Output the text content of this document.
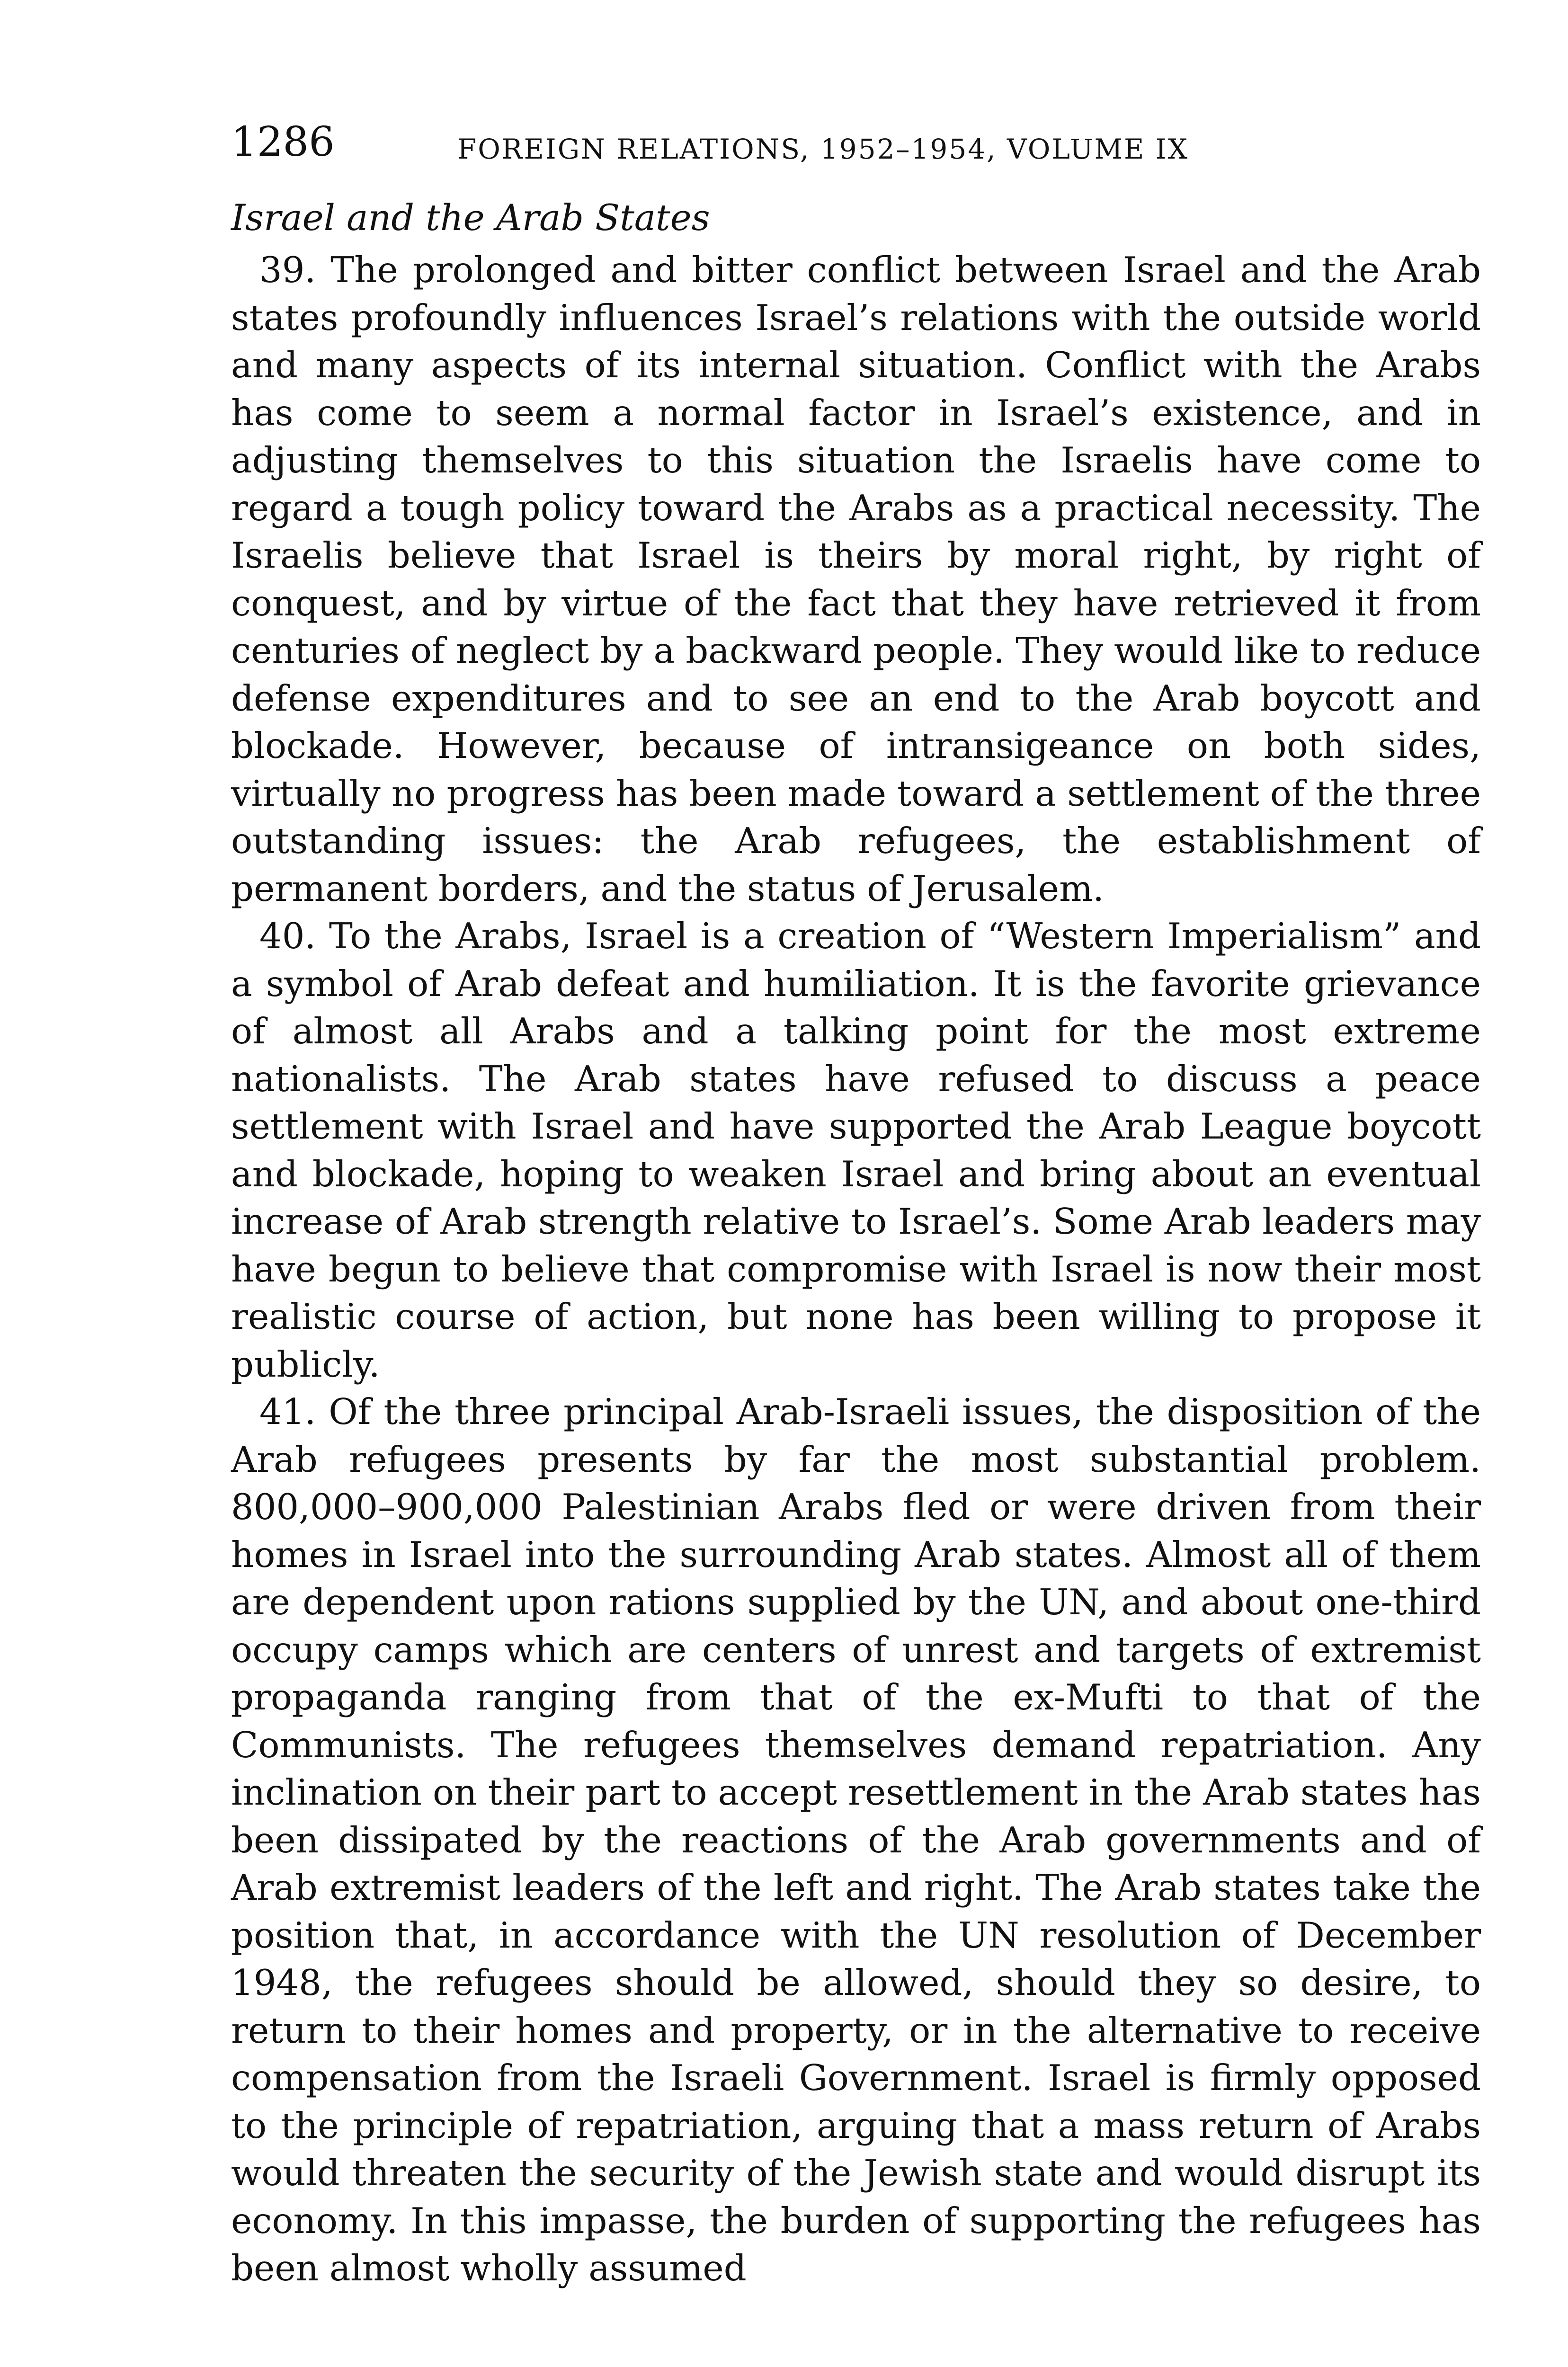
1286	FOREIGN RELATIONS, 1952–1954, VOLUME IX
Israel and the Arab States

39. The prolonged and bitter conflict between Israel and the Arab states profoundly influences Israel’s relations with the outside world and many aspects of its internal situation. Conflict with the Arabs has come to seem a normal factor in Israel’s existence, and in adjusting themselves to this situation the Israelis have come to regard a tough policy toward the Arabs as a practical necessity. The Israelis believe that Israel is theirs by moral right, by right of conquest, and by virtue of the fact that they have retrieved it from centuries of neglect by a backward people. They would like to reduce defense expenditures and to see an end to the Arab boycott and blockade. However, because of intransigeance on both sides, virtually no progress has been made toward a settlement of the three outstanding issues: the Arab refugees, the establishment of permanent borders, and the status of Jerusalem.

40. To the Arabs, Israel is a creation of “Western Imperialism” and a symbol of Arab defeat and humiliation. It is the favorite grievance of almost all Arabs and a talking point for the most extreme nationalists. The Arab states have refused to discuss a peace settlement with Israel and have supported the Arab League boycott and blockade, hoping to weaken Israel and bring about an eventual increase of Arab strength relative to Israel’s. Some Arab leaders may have begun to believe that compromise with Israel is now their most realistic course of action, but none has been willing to propose it publicly.

41. Of the three principal Arab-Israeli issues, the disposition of the Arab refugees presents by far the most substantial problem. 800,000–900,000 Palestinian Arabs fled or were driven from their homes in Israel into the surrounding Arab states. Almost all of them are dependent upon rations supplied by the UN, and about one-third occupy camps which are centers of unrest and targets of extremist propaganda ranging from that of the ex-Mufti to that of the Communists. The refugees themselves demand repatriation. Any inclination on their part to accept resettlement in the Arab states has been dissipated by the reactions of the Arab governments and of Arab extremist leaders of the left and right. The Arab states take the position that, in accordance with the UN resolution of December 1948, the refugees should be allowed, should they so desire, to return to their homes and property, or in the alternative to receive compensation from the Israeli Government. Israel is firmly opposed to the principle of repatriation, arguing that a mass return of Arabs would threaten the security of the Jewish state and would disrupt its economy. In this impasse, the burden of supporting the refugees has been almost wholly assumed
